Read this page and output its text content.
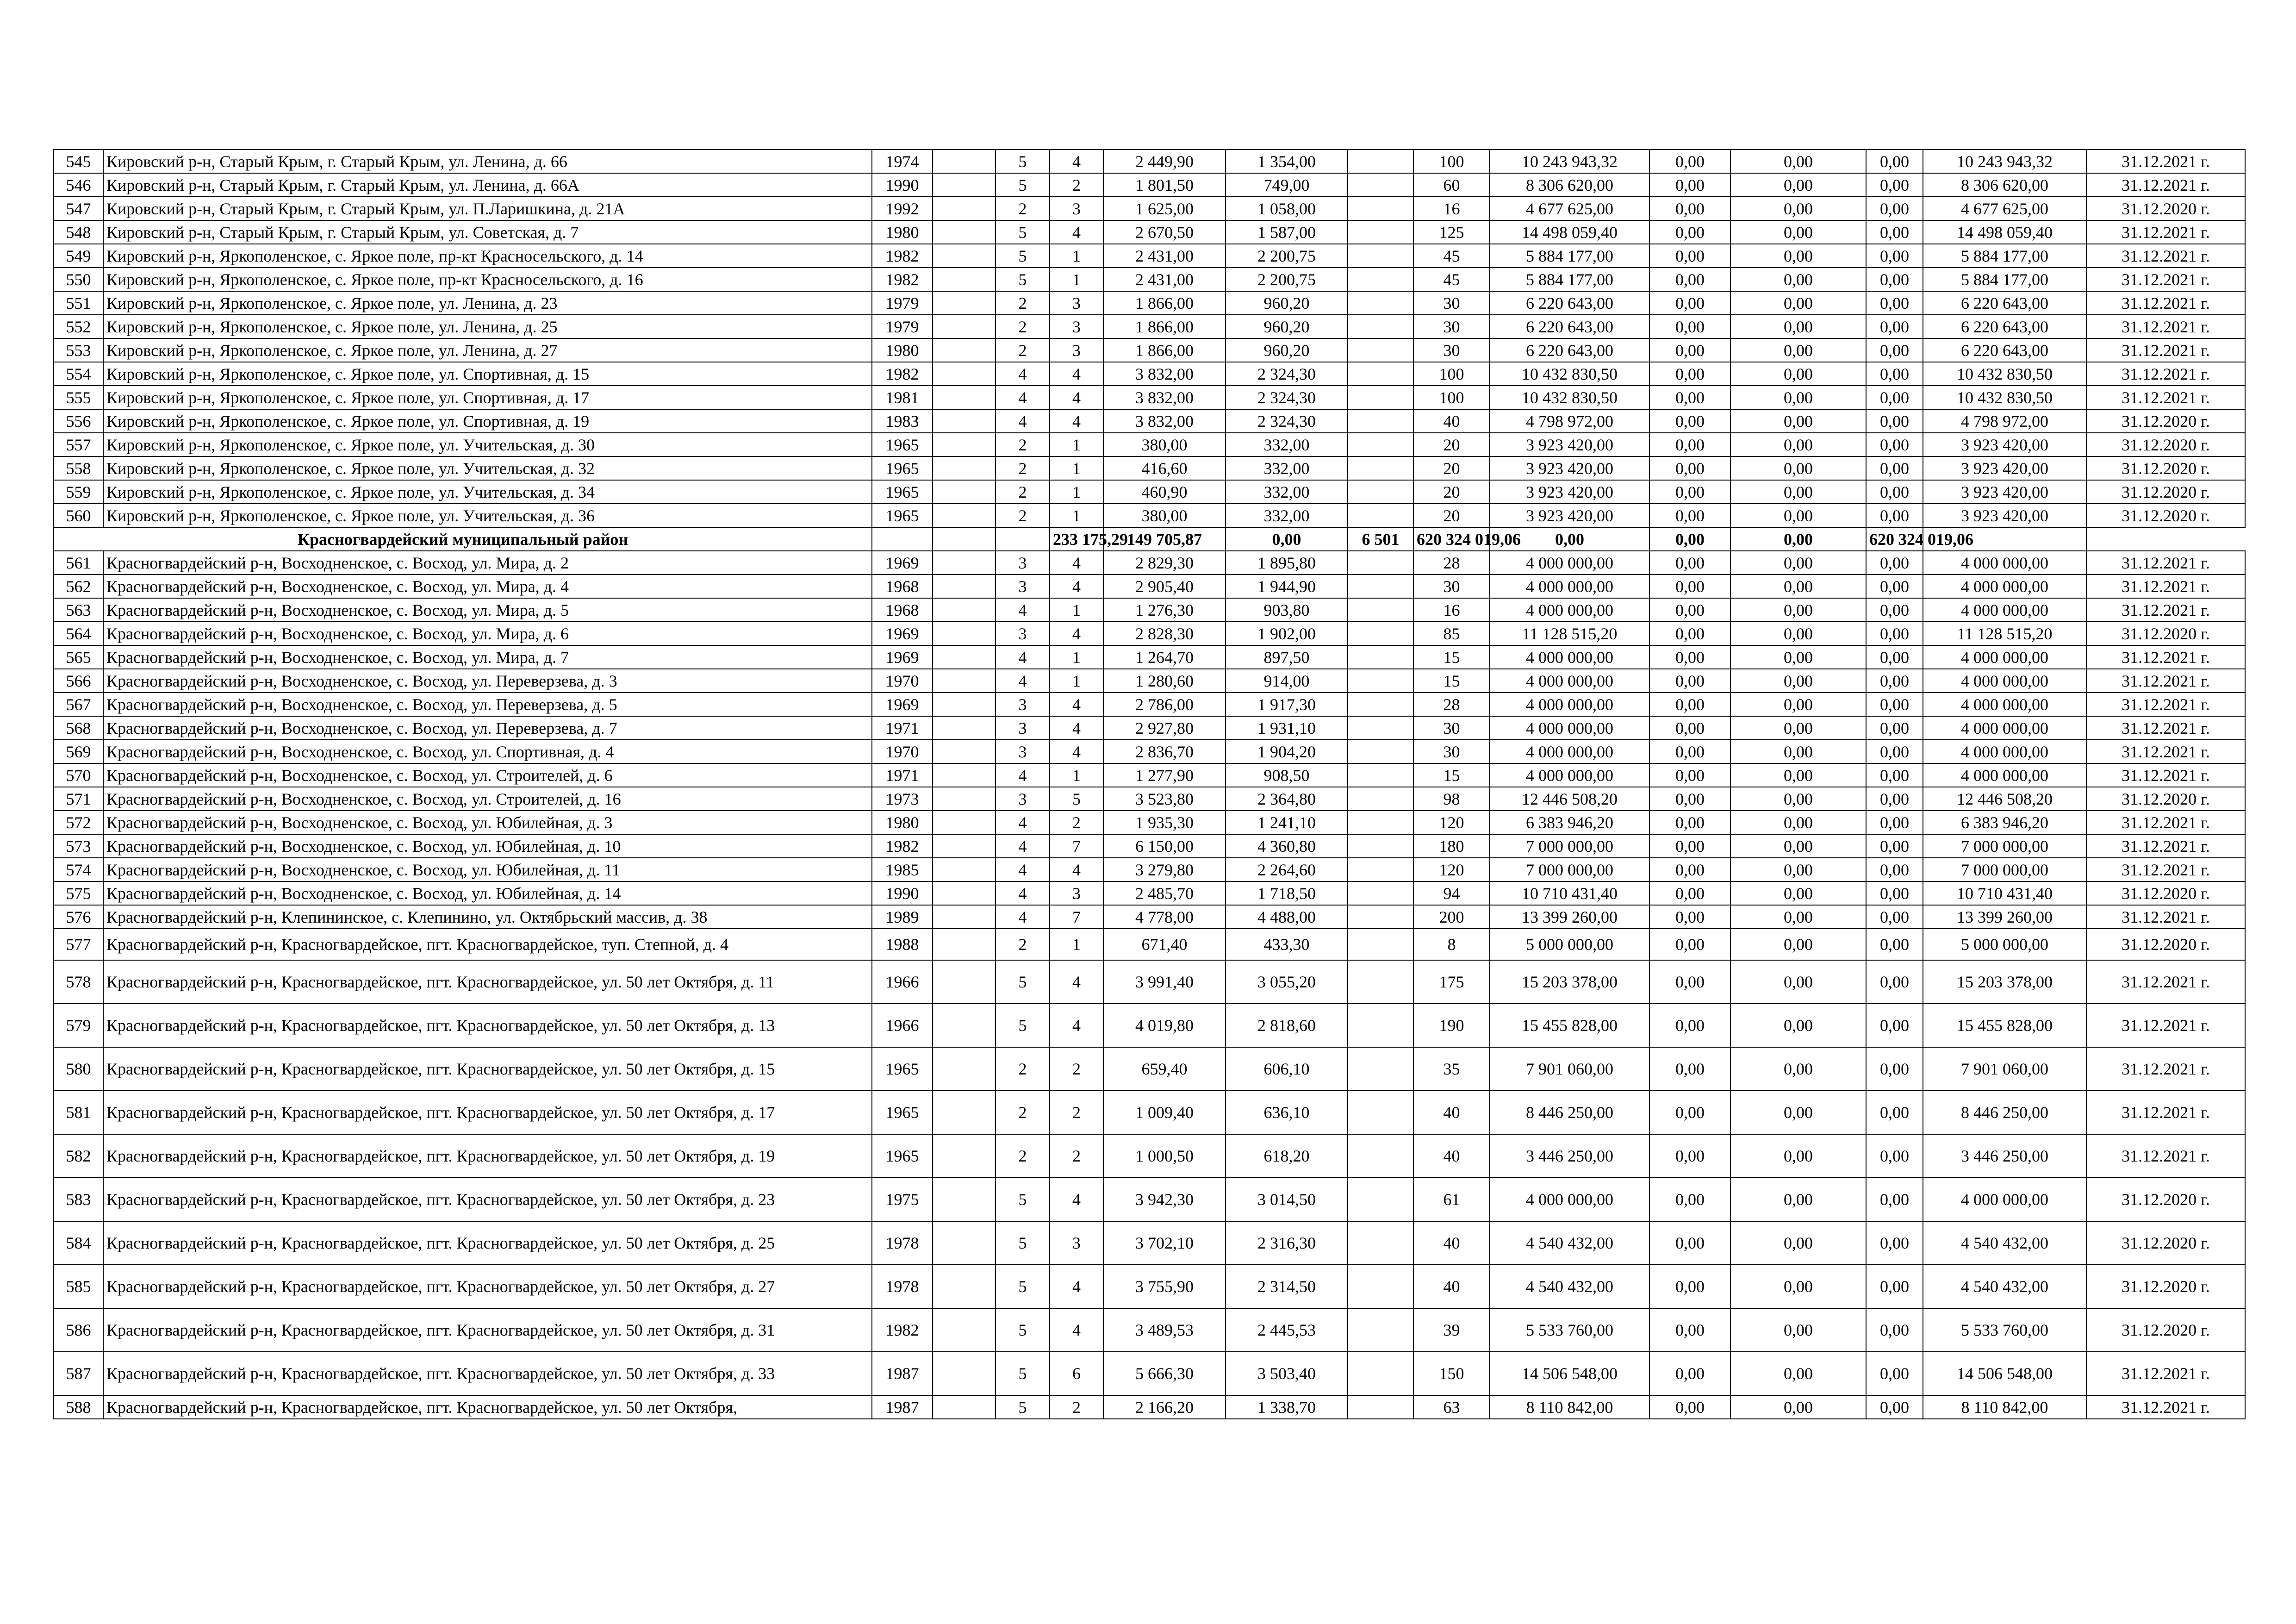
545	Кировский р-н, Старый Крым, г. Старый Крым, ул. Ленина, д. 66	1974		5	4	2 449,90	1 354,00		100	10 243 943,32	0,00	0,00	0,00	10 243 943,32	31.12.2021 г.
546	Кировский р-н, Старый Крым, г. Старый Крым, ул. Ленина, д. 66А	1990		5	2	1 801,50	749,00		60	8 306 620,00	0,00	0,00	0,00	8 306 620,00	31.12.2021 г.
547	Кировский р-н, Старый Крым, г. Старый Крым, ул. П.Ларишкина, д. 21А	1992		2	3	1 625,00	1 058,00		16	4 677 625,00	0,00	0,00	0,00	4 677 625,00	31.12.2020 г.
548	Кировский р-н, Старый Крым, г. Старый Крым, ул. Советская, д. 7	1980		5	4	2 670,50	1 587,00		125	14 498 059,40	0,00	0,00	0,00	14 498 059,40	31.12.2021 г.
549	Кировский р-н, Яркополенское, с. Яркое поле, пр-кт Красносельского, д. 14	1982		5	1	2 431,00	2 200,75		45	5 884 177,00	0,00	0,00	0,00	5 884 177,00	31.12.2021 г.
550	Кировский р-н, Яркополенское, с. Яркое поле, пр-кт Красносельского, д. 16	1982		5	1	2 431,00	2 200,75		45	5 884 177,00	0,00	0,00	0,00	5 884 177,00	31.12.2021 г.
551	Кировский р-н, Яркополенское, с. Яркое поле, ул. Ленина, д. 23	1979		2	3	1 866,00	960,20		30	6 220 643,00	0,00	0,00	0,00	6 220 643,00	31.12.2021 г.
552	Кировский р-н, Яркополенское, с. Яркое поле, ул. Ленина, д. 25	1979		2	3	1 866,00	960,20		30	6 220 643,00	0,00	0,00	0,00	6 220 643,00	31.12.2021 г.
553	Кировский р-н, Яркополенское, с. Яркое поле, ул. Ленина, д. 27	1980		2	3	1 866,00	960,20		30	6 220 643,00	0,00	0,00	0,00	6 220 643,00	31.12.2021 г.
554	Кировский р-н, Яркополенское, с. Яркое поле, ул. Спортивная, д. 15	1982		4	4	3 832,00	2 324,30		100	10 432 830,50	0,00	0,00	0,00	10 432 830,50	31.12.2021 г.
555	Кировский р-н, Яркополенское, с. Яркое поле, ул. Спортивная, д. 17	1981		4	4	3 832,00	2 324,30		100	10 432 830,50	0,00	0,00	0,00	10 432 830,50	31.12.2021 г.
556	Кировский р-н, Яркополенское, с. Яркое поле, ул. Спортивная, д. 19	1983		4	4	3 832,00	2 324,30		40	4 798 972,00	0,00	0,00	0,00	4 798 972,00	31.12.2020 г.
557	Кировский р-н, Яркополенское, с. Яркое поле, ул. Учительская, д. 30	1965		2	1	380,00	332,00		20	3 923 420,00	0,00	0,00	0,00	3 923 420,00	31.12.2020 г.
558	Кировский р-н, Яркополенское, с. Яркое поле, ул. Учительская, д. 32	1965		2	1	416,60	332,00		20	3 923 420,00	0,00	0,00	0,00	3 923 420,00	31.12.2020 г.
559	Кировский р-н, Яркополенское, с. Яркое поле, ул. Учительская, д. 34	1965		2	1	460,90	332,00		20	3 923 420,00	0,00	0,00	0,00	3 923 420,00	31.12.2020 г.
560	Кировский р-н, Яркополенское, с. Яркое поле, ул. Учительская, д. 36	1965		2	1	380,00	332,00		20	3 923 420,00	0,00	0,00	0,00	3 923 420,00	31.12.2020 г.
Красногвардейский муниципальный район					233 175,29	149 705,87	0,00	6 501	620 324 019,06	0,00	0,00	0,00	620 324 019,06		
561	Красногвардейский р-н, Восходненское, с. Восход, ул. Мира, д. 2	1969		3	4	2 829,30	1 895,80		28	4 000 000,00	0,00	0,00	0,00	4 000 000,00	31.12.2021 г.
562	Красногвардейский р-н, Восходненское, с. Восход, ул. Мира, д. 4	1968		3	4	2 905,40	1 944,90		30	4 000 000,00	0,00	0,00	0,00	4 000 000,00	31.12.2021 г.
563	Красногвардейский р-н, Восходненское, с. Восход, ул. Мира, д. 5	1968		4	1	1 276,30	903,80		16	4 000 000,00	0,00	0,00	0,00	4 000 000,00	31.12.2021 г.
564	Красногвардейский р-н, Восходненское, с. Восход, ул. Мира, д. 6	1969		3	4	2 828,30	1 902,00		85	11 128 515,20	0,00	0,00	0,00	11 128 515,20	31.12.2020 г.
565	Красногвардейский р-н, Восходненское, с. Восход, ул. Мира, д. 7	1969		4	1	1 264,70	897,50		15	4 000 000,00	0,00	0,00	0,00	4 000 000,00	31.12.2021 г.
566	Красногвардейский р-н, Восходненское, с. Восход, ул. Переверзева, д. 3	1970		4	1	1 280,60	914,00		15	4 000 000,00	0,00	0,00	0,00	4 000 000,00	31.12.2021 г.
567	Красногвардейский р-н, Восходненское, с. Восход, ул. Переверзева, д. 5	1969		3	4	2 786,00	1 917,30		28	4 000 000,00	0,00	0,00	0,00	4 000 000,00	31.12.2021 г.
568	Красногвардейский р-н, Восходненское, с. Восход, ул. Переверзева, д. 7	1971		3	4	2 927,80	1 931,10		30	4 000 000,00	0,00	0,00	0,00	4 000 000,00	31.12.2021 г.
569	Красногвардейский р-н, Восходненское, с. Восход, ул. Спортивная, д. 4	1970		3	4	2 836,70	1 904,20		30	4 000 000,00	0,00	0,00	0,00	4 000 000,00	31.12.2021 г.
570	Красногвардейский р-н, Восходненское, с. Восход, ул. Строителей, д. 6	1971		4	1	1 277,90	908,50		15	4 000 000,00	0,00	0,00	0,00	4 000 000,00	31.12.2021 г.
571	Красногвардейский р-н, Восходненское, с. Восход, ул. Строителей, д. 16	1973		3	5	3 523,80	2 364,80		98	12 446 508,20	0,00	0,00	0,00	12 446 508,20	31.12.2020 г.
572	Красногвардейский р-н, Восходненское, с. Восход, ул. Юбилейная, д. 3	1980		4	2	1 935,30	1 241,10		120	6 383 946,20	0,00	0,00	0,00	6 383 946,20	31.12.2021 г.
573	Красногвардейский р-н, Восходненское, с. Восход, ул. Юбилейная, д. 10	1982		4	7	6 150,00	4 360,80		180	7 000 000,00	0,00	0,00	0,00	7 000 000,00	31.12.2021 г.
574	Красногвардейский р-н, Восходненское, с. Восход, ул. Юбилейная, д. 11	1985		4	4	3 279,80	2 264,60		120	7 000 000,00	0,00	0,00	0,00	7 000 000,00	31.12.2021 г.
575	Красногвардейский р-н, Восходненское, с. Восход, ул. Юбилейная, д. 14	1990		4	3	2 485,70	1 718,50		94	10 710 431,40	0,00	0,00	0,00	10 710 431,40	31.12.2020 г.
576	Красногвардейский р-н, Клепининское, с. Клепинино, ул. Октябрьский массив, д. 38	1989		4	7	4 778,00	4 488,00		200	13 399 260,00	0,00	0,00	0,00	13 399 260,00	31.12.2021 г.
577	Красногвардейский р-н, Красногвардейское, пгт. Красногвардейское, туп. Степной, д. 4	1988		2	1	671,40	433,30		8	5 000 000,00	0,00	0,00	0,00	5 000 000,00	31.12.2020 г.
578	Красногвардейский р-н, Красногвардейское, пгт. Красногвардейское, ул. 50 лет Октября, д. 11	1966		5	4	3 991,40	3 055,20		175	15 203 378,00	0,00	0,00	0,00	15 203 378,00	31.12.2021 г.
579	Красногвардейский р-н, Красногвардейское, пгт. Красногвардейское, ул. 50 лет Октября, д. 13	1966		5	4	4 019,80	2 818,60		190	15 455 828,00	0,00	0,00	0,00	15 455 828,00	31.12.2021 г.
580	Красногвардейский р-н, Красногвардейское, пгт. Красногвардейское, ул. 50 лет Октября, д. 15	1965		2	2	659,40	606,10		35	7 901 060,00	0,00	0,00	0,00	7 901 060,00	31.12.2021 г.
581	Красногвардейский р-н, Красногвардейское, пгт. Красногвардейское, ул. 50 лет Октября, д. 17	1965		2	2	1 009,40	636,10		40	8 446 250,00	0,00	0,00	0,00	8 446 250,00	31.12.2021 г.
582	Красногвардейский р-н, Красногвардейское, пгт. Красногвардейское, ул. 50 лет Октября, д. 19	1965		2	2	1 000,50	618,20		40	3 446 250,00	0,00	0,00	0,00	3 446 250,00	31.12.2021 г.
583	Красногвардейский р-н, Красногвардейское, пгт. Красногвардейское, ул. 50 лет Октября, д. 23	1975		5	4	3 942,30	3 014,50		61	4 000 000,00	0,00	0,00	0,00	4 000 000,00	31.12.2020 г.
584	Красногвардейский р-н, Красногвардейское, пгт. Красногвардейское, ул. 50 лет Октября, д. 25	1978		5	3	3 702,10	2 316,30		40	4 540 432,00	0,00	0,00	0,00	4 540 432,00	31.12.2020 г.
585	Красногвардейский р-н, Красногвардейское, пгт. Красногвардейское, ул. 50 лет Октября, д. 27	1978		5	4	3 755,90	2 314,50		40	4 540 432,00	0,00	0,00	0,00	4 540 432,00	31.12.2020 г.
586	Красногвардейский р-н, Красногвардейское, пгт. Красногвардейское, ул. 50 лет Октября, д. 31	1982		5	4	3 489,53	2 445,53		39	5 533 760,00	0,00	0,00	0,00	5 533 760,00	31.12.2020 г.
587	Красногвардейский р-н, Красногвардейское, пгт. Красногвардейское, ул. 50 лет Октября, д. 33	1987		5	6	5 666,30	3 503,40		150	14 506 548,00	0,00	0,00	0,00	14 506 548,00	31.12.2021 г.
588	Красногвардейский р-н, Красногвардейское, пгт. Красногвардейское, ул. 50 лет Октября,	1987		5	2	2 166,20	1 338,70		63	8 110 842,00	0,00	0,00	0,00	8 110 842,00	31.12.2021 г.
